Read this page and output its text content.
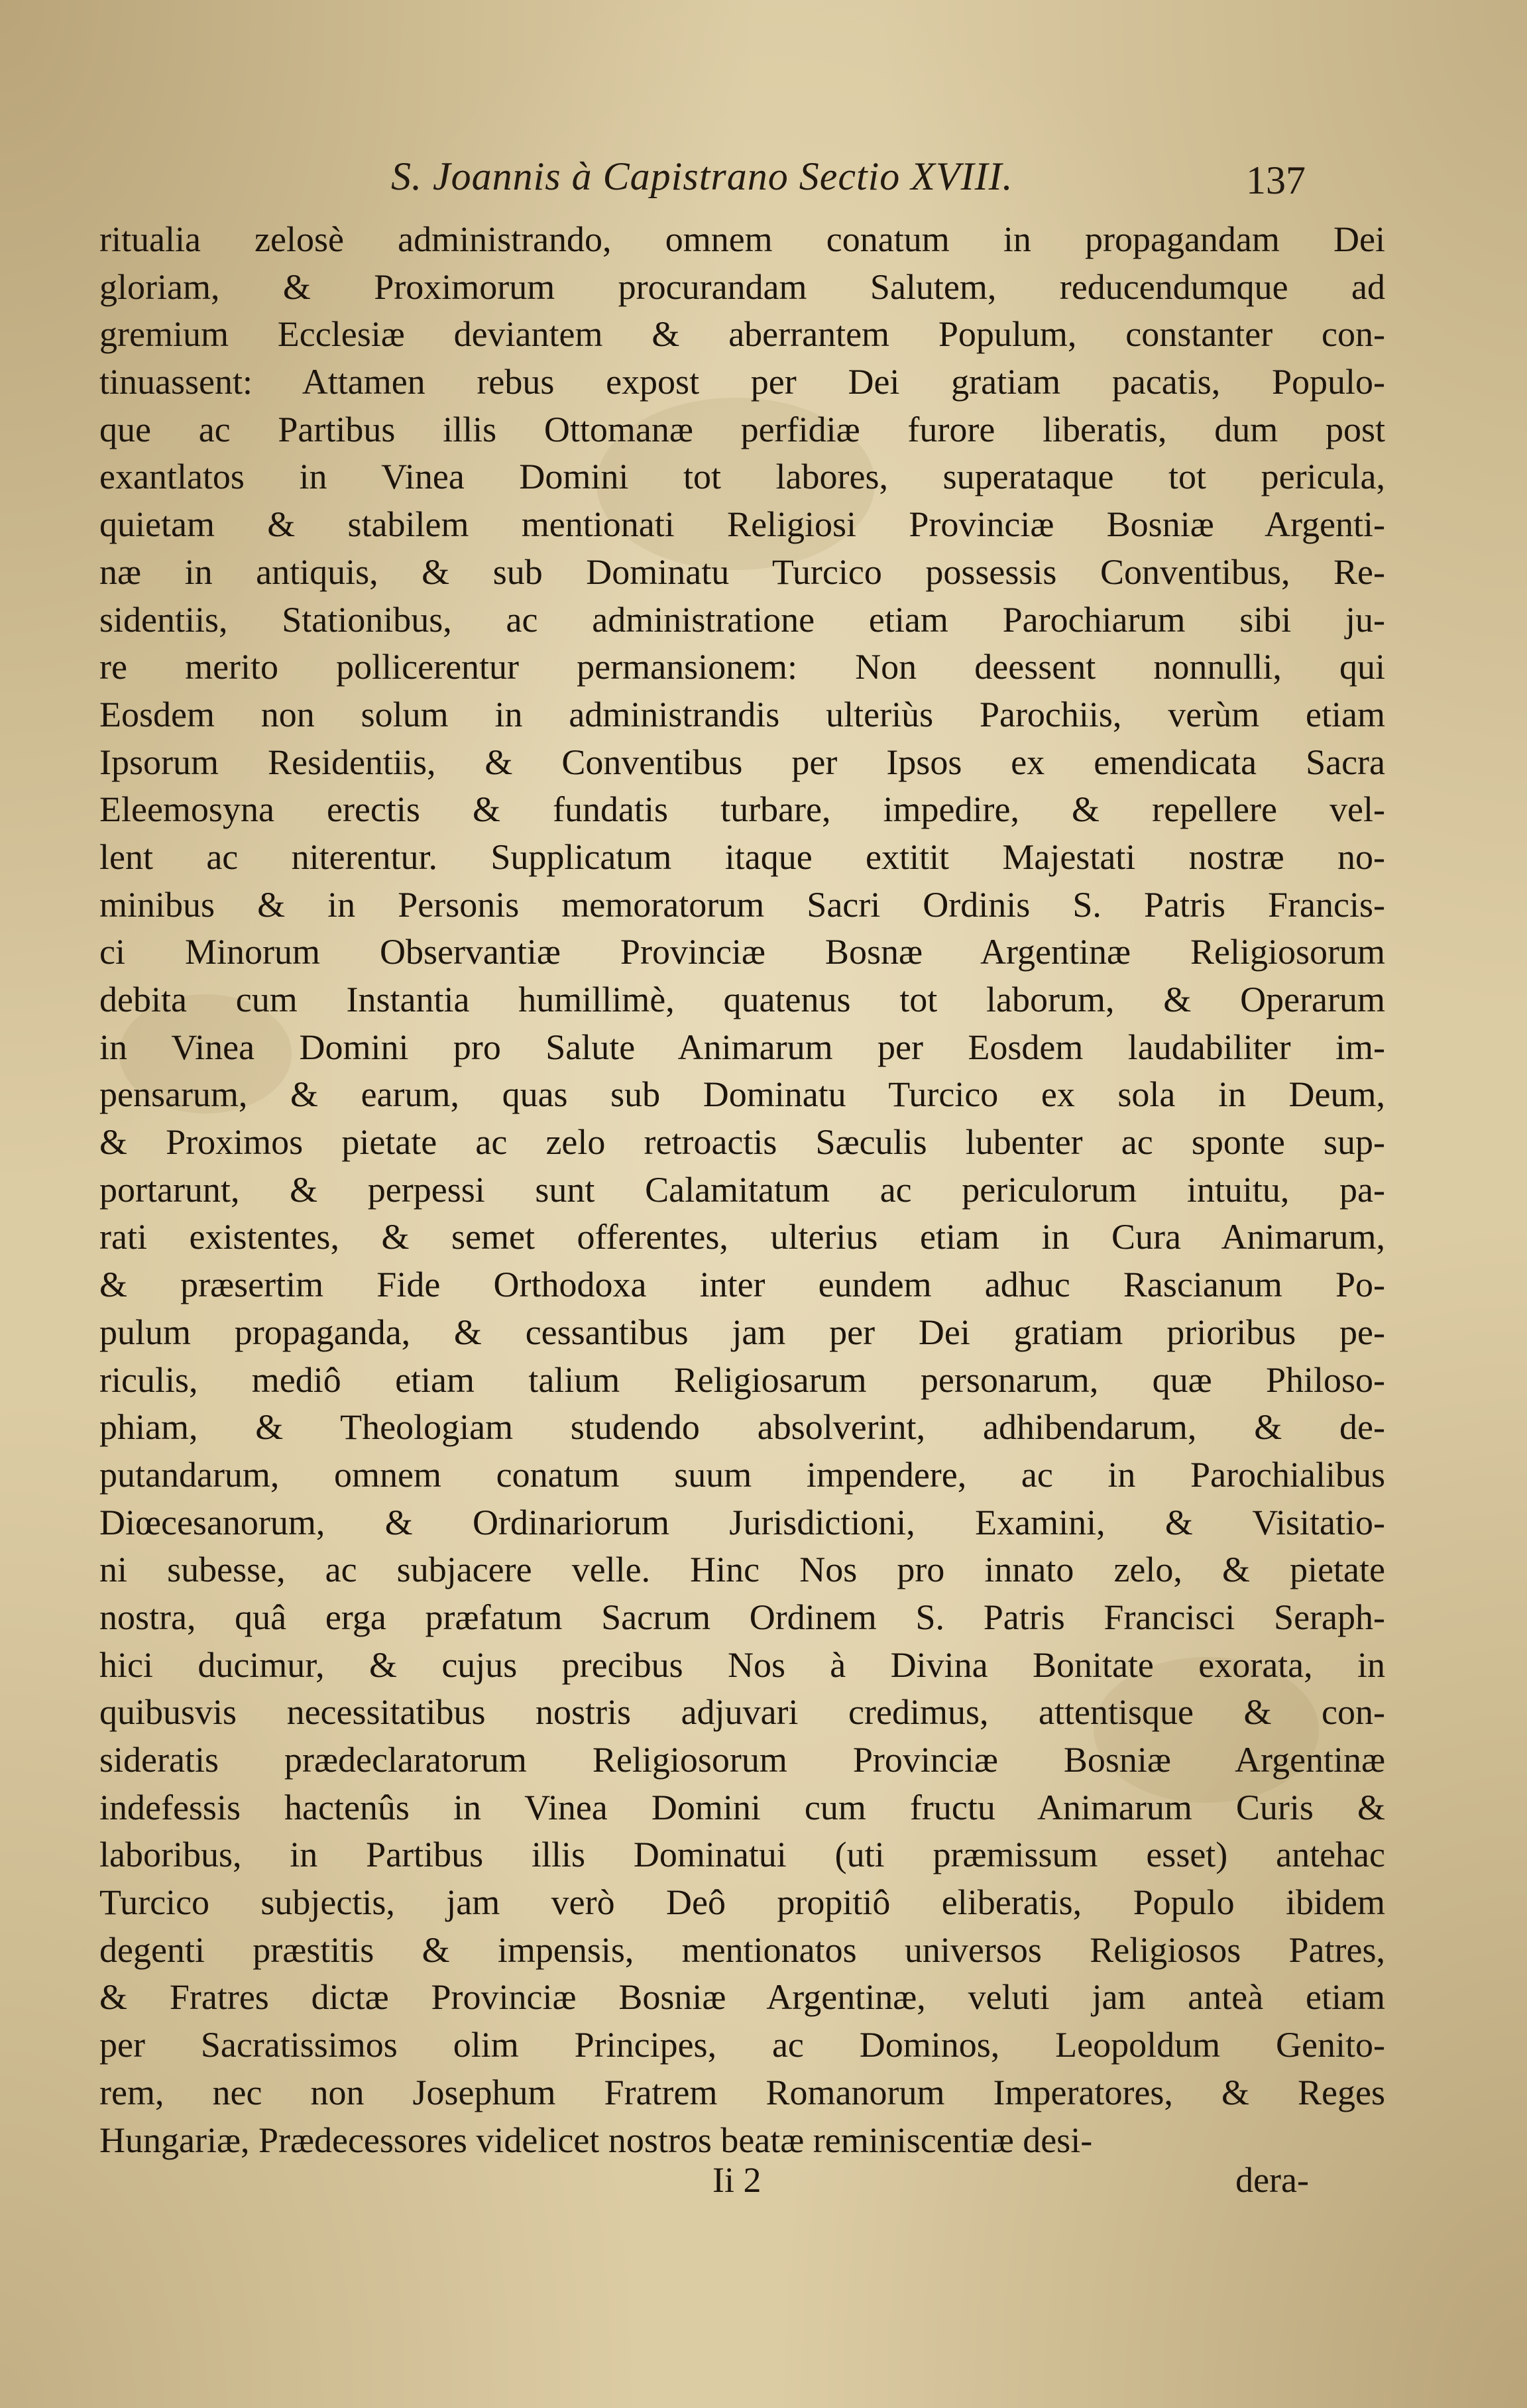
S. Joannis à Capistrano Sectio XVIII.	137
ritualia zelosè administrando, omnem conatum in propagandam Dei
gloriam, & Proximorum procurandam Salutem, reducendumque ad
gremium Ecclesiæ deviantem & aberrantem Populum, constanter con-
tinuassent: Attamen rebus expost per Dei gratiam pacatis, Populo-
que ac Partibus illis Ottomanæ perfidiæ furore liberatis, dum post
exantlatos in Vinea Domini tot labores, superataque tot pericula,
quietam & stabilem mentionati Religiosi Provinciæ Bosniæ Argenti-
næ in antiquis, & sub Dominatu Turcico possessis Conventibus, Re-
sidentiis, Stationibus, ac administratione etiam Parochiarum sibi ju-
re merito pollicerentur permansionem: Non deessent nonnulli, qui
Eosdem non solum in administrandis ulteriùs Parochiis, verùm etiam
Ipsorum Residentiis, & Conventibus per Ipsos ex emendicata Sacra
Eleemosyna erectis & fundatis turbare, impedire, & repellere vel-
lent ac niterentur. Supplicatum itaque extitit Majestati nostræ no-
minibus & in Personis memoratorum Sacri Ordinis S. Patris Francis-
ci Minorum Observantiæ Provinciæ Bosnæ Argentinæ Religiosorum
debita cum Instantia humillimè, quatenus tot laborum, & Operarum
in Vinea Domini pro Salute Animarum per Eosdem laudabiliter im-
pensarum, & earum, quas sub Dominatu Turcico ex sola in Deum,
& Proximos pietate ac zelo retroactis Sæculis lubenter ac sponte sup-
portarunt, & perpessi sunt Calamitatum ac periculorum intuitu, pa-
rati existentes, & semet offerentes, ulterius etiam in Cura Animarum,
& præsertim Fide Orthodoxa inter eundem adhuc Rascianum Po-
pulum propaganda, & cessantibus jam per Dei gratiam prioribus pe-
riculis, mediô etiam talium Religiosarum personarum, quæ Philoso-
phiam, & Theologiam studendo absolverint, adhibendarum, & de-
putandarum, omnem conatum suum impendere, ac in Parochialibus
Diœcesanorum, & Ordinariorum Jurisdictioni, Examini, & Visitatio-
ni subesse, ac subjacere velle. Hinc Nos pro innato zelo, & pietate
nostra, quâ erga præfatum Sacrum Ordinem S. Patris Francisci Seraph-
hici ducimur, & cujus precibus Nos à Divina Bonitate exorata, in
quibusvis necessitatibus nostris adjuvari credimus, attentisque & con-
sideratis prædeclaratorum Religiosorum Provinciæ Bosniæ Argentinæ
indefessis hactenûs in Vinea Domini cum fructu Animarum Curis &
laboribus, in Partibus illis Dominatui (uti præmissum esset) antehac
Turcico subjectis, jam verò Deô propitiô eliberatis, Populo ibidem
degenti præstitis & impensis, mentionatos universos Religiosos Patres,
& Fratres dictæ Provinciæ Bosniæ Argentinæ, veluti jam anteà etiam
per Sacratissimos olim Principes, ac Dominos, Leopoldum Genito-
rem, nec non Josephum Fratrem Romanorum Imperatores, & Reges
Hungariæ, Prædecessores videlicet nostros beatæ reminiscentiæ desi-
Ii 2	dera-
